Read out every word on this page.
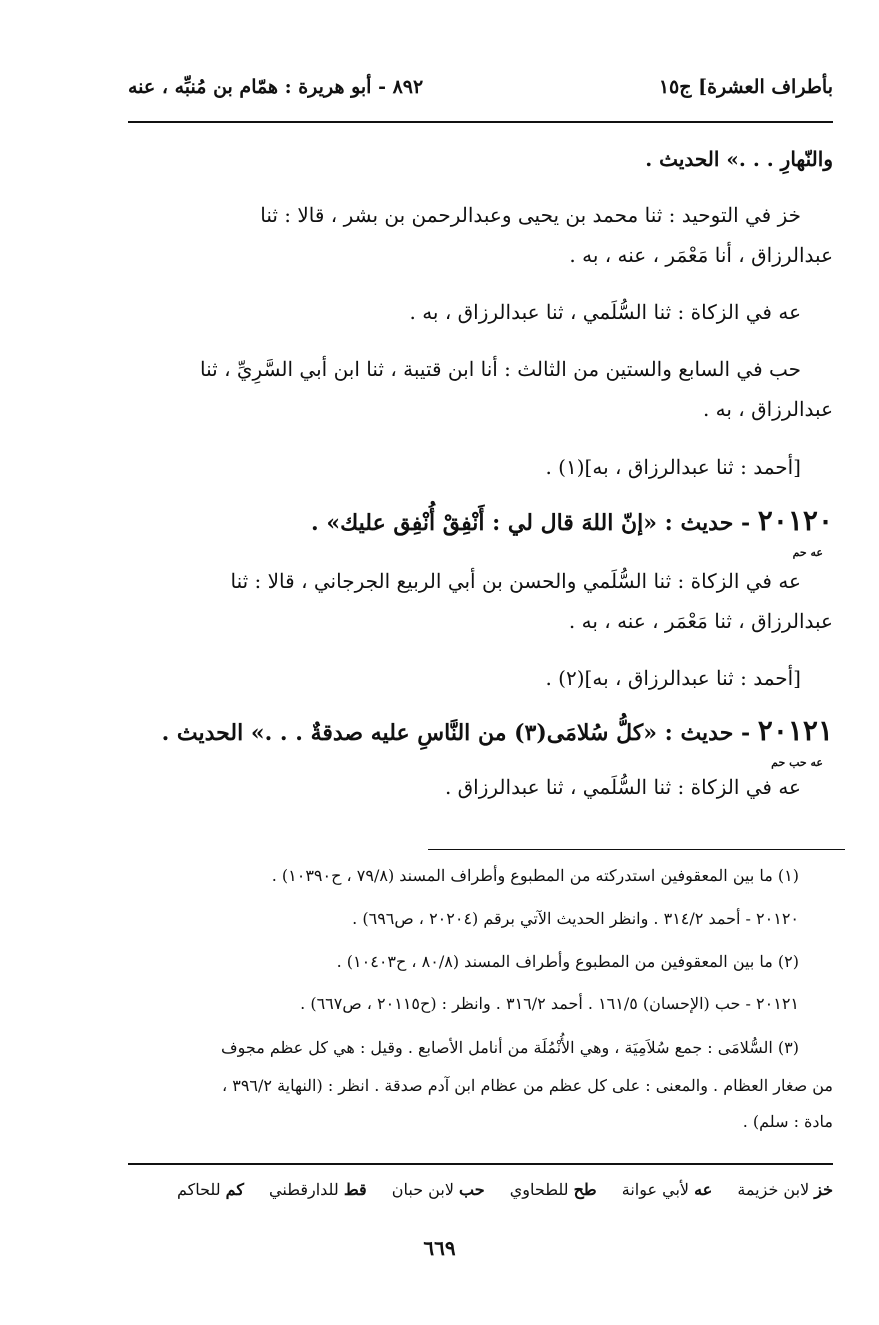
بأطراف العشرة] ج١٥
٨٩٢ - أبو هريرة : همّام بن مُنبِّه ، عنه
والنّهارِ . . .» الحديث .
خز في التوحيد : ثنا محمد بن يحيى وعبدالرحمن بن بشر ، قالا : ثنا
عبدالرزاق ، أنا مَعْمَر ، عنه ، به .
عه في الزكاة : ثنا السُّلَمي ، ثنا عبدالرزاق ، به .
حب في السابع والستين من الثالث : أنا ابن قتيبة ، ثنا ابن أبي السَّرِيِّ ، ثنا
عبدالرزاق ، به .
[أحمد : ثنا عبدالرزاق ، به](١) .
٢٠١٢٠ - حديث : «إنّ اللهَ قال لي : أَنْفِقْ أُنْفِق عليك» .
عه حم
عه في الزكاة : ثنا السُّلَمي والحسن بن أبي الربيع الجرجاني ، قالا : ثنا
عبدالرزاق ، ثنا مَعْمَر ، عنه ، به .
[أحمد : ثنا عبدالرزاق ، به](٢) .
٢٠١٢١ - حديث : «كلُّ سُلامَى(٣) من النَّاسِ عليه صدقةٌ . . .» الحديث .
عه حب حم
عه في الزكاة : ثنا السُّلَمي ، ثنا عبدالرزاق .
(١) ما بين المعقوفين استدركته من المطبوع وأطراف المسند (٧٩/٨ ، ح١٠٣٩٠) .
٢٠١٢٠ - أحمد ٣١٤/٢ . وانظر الحديث الآتي برقم (٢٠٢٠٤ ، ص٦٩٦) .
(٢) ما بين المعقوفين من المطبوع وأطراف المسند (٨٠/٨ ، ح١٠٤٠٣) .
٢٠١٢١ - حب (الإحسان) ١٦١/٥ . أحمد ٣١٦/٢ . وانظر : (ح٢٠١١٥ ، ص٦٦٧) .
(٣) السُّلامَى : جمع سُلاَمِيَة ، وهي الأُنْمُلَة من أنامل الأصابع . وقيل : هي كل عظم مجوف
من صغار العظام . والمعنى : على كل عظم من عظام ابن آدم صدقة . انظر : (النهاية ٣٩٦/٢ ،
مادة : سلم) .
خز لابن خزيمة عه لأبي عوانة طح للطحاوي حب لابن حبان قط للدارقطني كم للحاكم
٦٦٩
